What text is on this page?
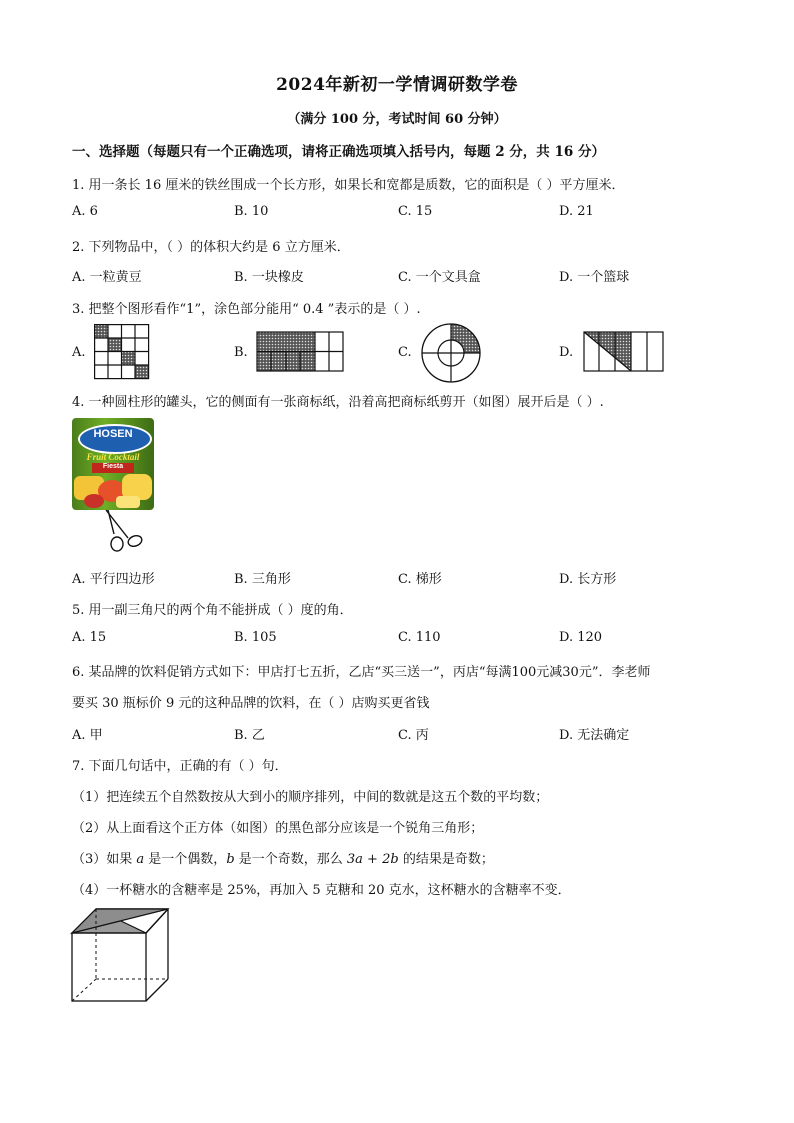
2024年新初一学情调研数学卷
（满分 100 分，考试时间 60 分钟）
一、选择题（每题只有一个正确选项，请将正确选项填入括号内，每题 2 分，共 16 分）
1. 用一条长 16 厘米的铁丝围成一个长方形，如果长和宽都是质数，它的面积是（ ）平方厘米．
A. 6	B. 10	C. 15	D. 21
2. 下列物品中，（ ）的体积大约是 6 立方厘米．
A. 一粒黄豆	B. 一块橡皮	C. 一个文具盒	D. 一个篮球
3. 把整个图形看作“1”，涂色部分能用“ 0.4 ”表示的是（ ）.
A.	B.	C.	D.
4. 一种圆柱形的罐头，它的侧面有一张商标纸，沿着高把商标纸剪开（如图）展开后是（ ）.
HOSEN
Fruit Cocktail
Fiesta
A. 平行四边形	B. 三角形	C. 梯形	D. 长方形
5. 用一副三角尺的两个角不能拼成（ ）度的角．
A. 15	B. 105	C. 110	D. 120
6. 某品牌的饮料促销方式如下：甲店打七五折，乙店“买三送一”，丙店“每满100元减30元”．李老师
要买 30 瓶标价 9 元的这种品牌的饮料，在（ ）店购买更省钱
A. 甲	B. 乙	C. 丙	D. 无法确定
7. 下面几句话中，正确的有（ ）句．
（1）把连续五个自然数按从大到小的顺序排列，中间的数就是这五个数的平均数；
（2）从上面看这个正方体（如图）的黑色部分应该是一个锐角三角形；
（3）如果 a 是一个偶数，b 是一个奇数，那么 3a + 2b 的结果是奇数；
（4）一杯糖水的含糖率是 25%，再加入 5 克糖和 20 克水，这杯糖水的含糖率不变．
